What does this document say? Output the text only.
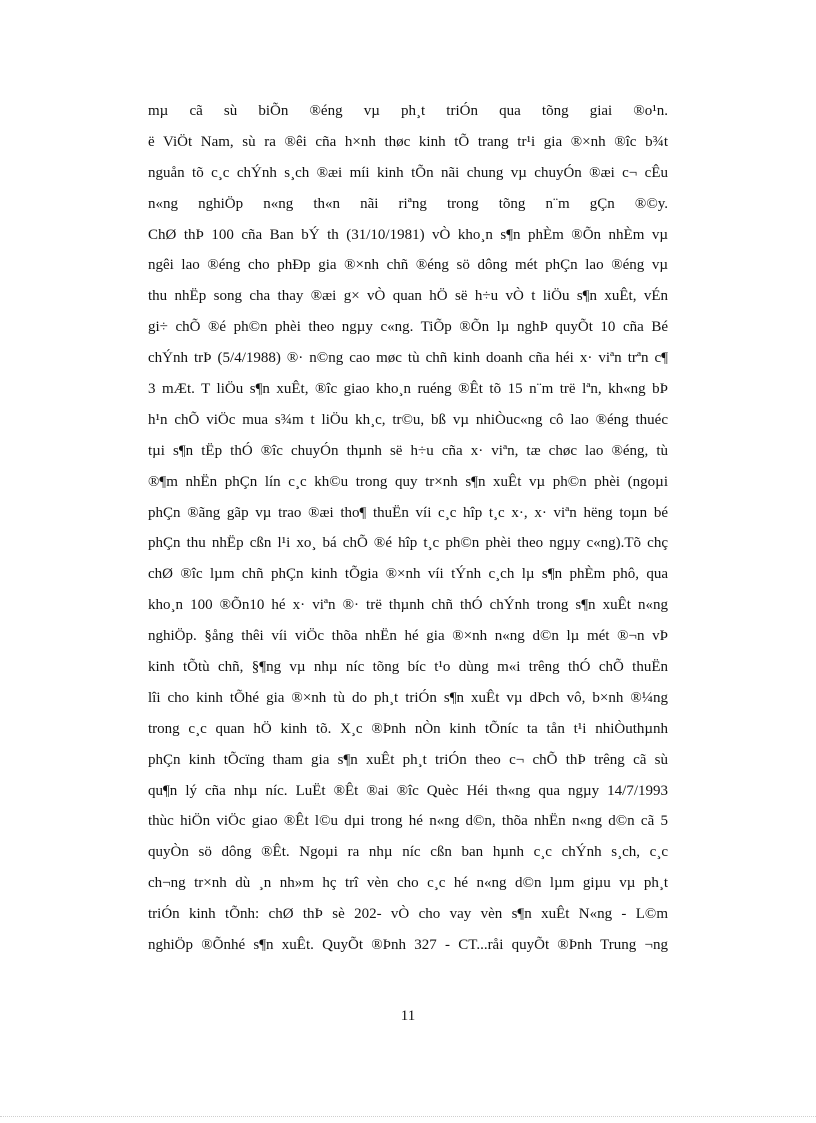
mµ cã sù biÕn ®éng vµ ph¸t triÓn qua tõng giai ®o¹n.
ë ViÖt Nam, sù ra ®êi cña h×nh thøc kinh tÕ trang tr¹i gia ®×nh ®îc b¾t
nguån tõ c¸c chÝnh s¸ch ®æi míi kinh tÕn nãi chung vµ chuyÓn ®æi c¬ cÊu
n«ng nghiÖp n«ng th«n nãi riªng trong tõng n¨m gÇn ®©y.
ChØ thÞ 100 cña Ban bÝ th (31/10/1981) vÒ kho¸n s¶n phÈm ®Õn nhÈm vµ
ngêi lao ®éng cho phÐp gia ®×nh chñ ®éng sö dông mét phÇn lao ®éng vµ
thu nhËp song cha thay ®æi g× vÒ quan hÖ së h÷u vÒ t liÖu s¶n xuÊt, vÉn
gi÷ chÕ ®é ph©n phèi theo ngµy c«ng. TiÕp ®Õn lµ nghÞ quyÕt 10 cña Bé
chÝnh trÞ (5/4/1988) ®· n©ng cao møc tù chñ kinh doanh cña héi x· viªn trªn c¶
3 mÆt. T liÖu s¶n xuÊt, ®îc giao kho¸n ruéng ®Êt tõ 15 n¨m trë lªn, kh«ng bÞ
h¹n chÕ viÖc mua s¾m t liÖu kh¸c, tr©u, bß vµ nhiÒuc«ng cô lao ®éng thuéc
tµi s¶n tËp thÓ ®îc chuyÓn thµnh së h÷u cña x· viªn, tæ chøc lao ®éng, tù
®¶m nhËn phÇn lín c¸c kh©u trong quy tr×nh s¶n xuÊt vµ ph©n phèi (ngoµi
phÇn ®ãng gãp vµ trao ®æi tho¶ thuËn víi c¸c hîp t¸c x·, x· viªn hëng toµn bé
phÇn thu nhËp cßn l¹i xo¸ bá chÕ ®é hîp t¸c ph©n phèi theo ngµy c«ng).Tõ chç
chØ ®îc lµm chñ phÇn kinh tÕgia ®×nh víi tÝnh c¸ch lµ s¶n phÈm phô, qua
kho¸n 100 ®Õn10 hé x· viªn ®· trë thµnh chñ thÓ chÝnh trong s¶n xuÊt n«ng
nghiÖp. §ång thêi víi viÖc thõa nhËn hé gia ®×nh n«ng d©n lµ mét ®¬n vÞ
kinh tÕtù chñ, §¶ng vµ nhµ níc tõng bíc t¹o dùng m«i trêng thÓ chÕ thuËn
lîi cho kinh tÕhé gia ®×nh tù do ph¸t triÓn s¶n xuÊt vµ dÞch vô, b×nh ®¼ng
trong c¸c quan hÖ kinh tõ. X¸c ®Þnh nÒn kinh tÕníc ta tån t¹i nhiÒuthµnh
phÇn kinh tÕcïng tham gia s¶n xuÊt ph¸t triÓn theo c¬ chÕ thÞ trêng cã sù
qu¶n lý cña nhµ níc. LuËt ®Êt ®ai ®îc Quèc Héi th«ng qua ngµy 14/7/1993
thùc hiÖn viÖc giao ®Êt l©u dµi trong hé n«ng d©n, thõa nhËn n«ng d©n cã 5
quyÒn sö dông ®Êt. Ngoµi ra nhµ níc cßn ban hµnh c¸c chÝnh s¸ch, c¸c
ch¬ng tr×nh dù ¸n nh»m hç trî vèn cho c¸c hé n«ng d©n lµm giµu vµ ph¸t
triÓn kinh tÕnh: chØ thÞ sè 202- vÒ cho vay vèn s¶n xuÊt N«ng - L©m
nghiÖp ®Õnhé s¶n xuÊt. QuyÕt ®Þnh 327 - CT...råi quyÕt ®Þnh Trung ¬ng
11
